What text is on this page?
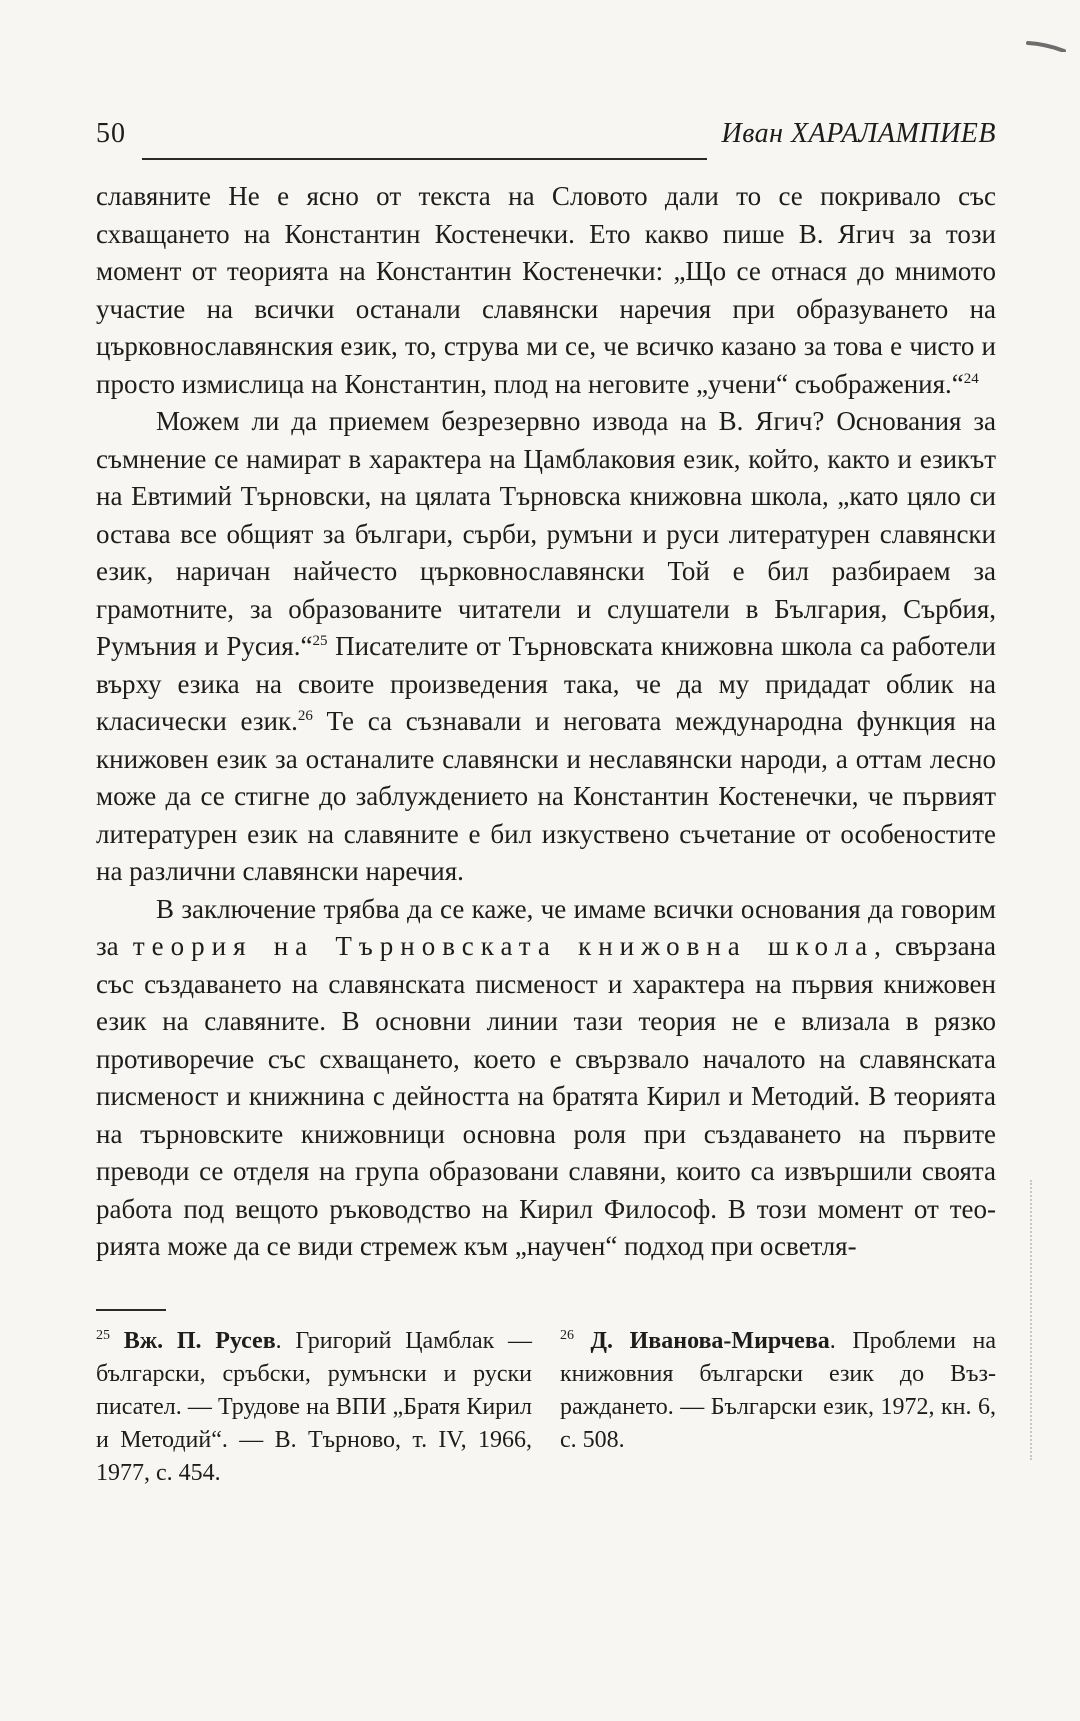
50	Иван ХАРАЛАМПИЕВ

славяните Не е ясно от текста на Словото дали то се покривало със схващането на Константин Костенечки. Ето какво пише В. Ягич за този момент от теорията на Константин Костенечки: „Що се отнася до мнимото участие на всички останали славянски наречия при образуването на църковнославянския език, то, струва ми се, че всичко казано за това е чисто и просто измислица на Константин, плод на неговите „учени“ съображения.“$^{24}$

Можем ли да приемем безрезервно извода на В. Ягич? Основания за съмнение се намират в характера на Цамблаковия език, който, както и езикът на Евтимий Търновски, на цялата Търновска книжовна школа, „като цяло си остава все общият за българи, сърби, румъни и руси литературен славянски език, наричан найчесто църковнославянски Той е бил разбираем за грамотните, за образованите читатели и слушатели в България, Сърбия, Румъния и Русия.“$^{25}$ Писателите от Търновската книжовна школа са работели върху езика на своите произведения така, че да му придадат облик на класически език.$^{26}$ Те са съзнавали и неговата международна функция на книжовен език за останалите славянски и неславянски народи, а оттам лесно може да се стигне до заблуждението на Константин Костенечки, че първият литературен език на славяните е бил изкуствено съчетание от особеностите на различни славянски наречия.

В заключение трябва да се каже, че имаме всички основания да говорим за теория на Търновската книжовна школа, свързана със създаването на славянската писменост и характера на първия книжовен език на славяните. В основни линии тази теория не е влизала в рязко противоречие със схващането, което е свързвало началото на славянската писменост и книжнина с дейността на братята Кирил и Методий. В теорията на търновските книжовници основна роля при създаването на първите преводи се отделя на група образовани славяни, които са извършили своята работа под вещото ръководство на Кирил Философ. В този момент от теорията може да се види стремеж към „научен“ подход при осветля-

$^{25}$ Вж. П. Русев. Григорий Цамблак — български, сръбски, румънски и руски писател. — Трудове на ВПИ „Братя Кирил и Методий“. — В. Търново, т. IV, 1966, 1977, с. 454.
$^{26}$ Д. Иванова-Мирчева. Проблеми на книжовния български език до Възраждането. — Български език, 1972, кн. 6, с. 508.
